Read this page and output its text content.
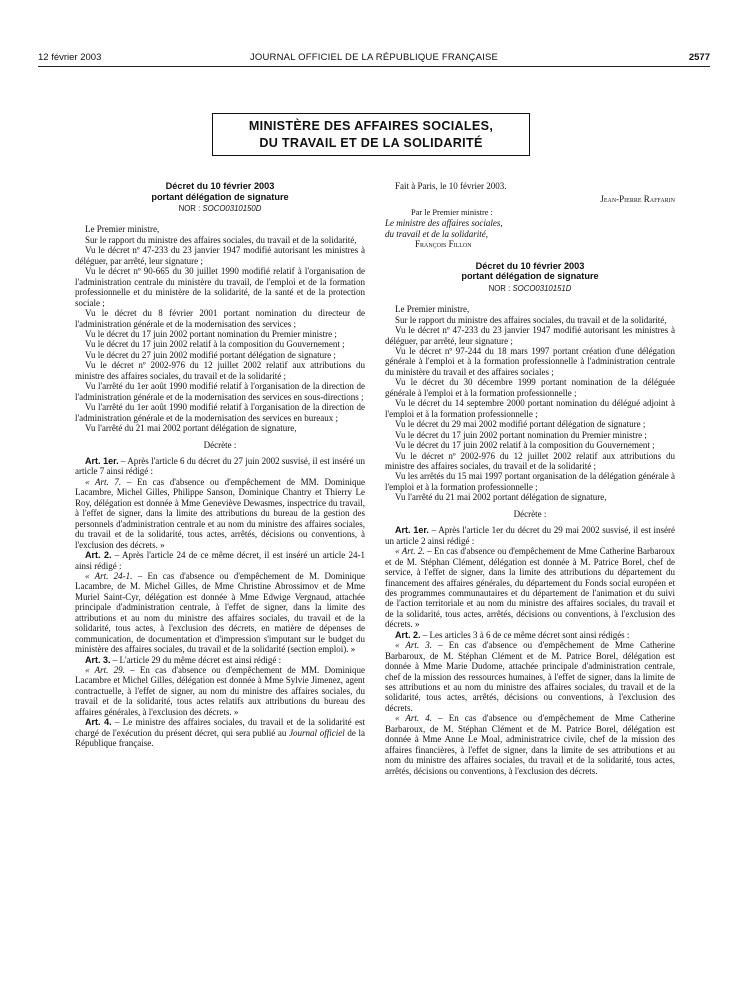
12 février 2003	JOURNAL OFFICIEL DE LA RÉPUBLIQUE FRANÇAISE	2577
MINISTÈRE DES AFFAIRES SOCIALES,
DU TRAVAIL ET DE LA SOLIDARITÉ
Décret du 10 février 2003
portant délégation de signature
NOR : SOCO0310150D

Le Premier ministre,

Sur le rapport du ministre des affaires sociales, du travail et de la solidarité,

Vu le décret nº 47-233 du 23 janvier 1947 modifié autorisant les ministres à déléguer, par arrêté, leur signature ;

Vu le décret nº 90-665 du 30 juillet 1990 modifié relatif à l'organisation de l'administration centrale du ministère du travail, de l'emploi et de la formation professionnelle et du ministère de la solidarité, de la santé et de la protection sociale ;

Vu le décret du 8 février 2001 portant nomination du directeur de l'administration générale et de la modernisation des services ;

Vu le décret du 17 juin 2002 portant nomination du Premier ministre ;

Vu le décret du 17 juin 2002 relatif à la composition du Gouvernement ;

Vu le décret du 27 juin 2002 modifié portant délégation de signature ;

Vu le décret nº 2002-976 du 12 juillet 2002 relatif aux attributions du ministre des affaires sociales, du travail et de la solidarité ;

Vu l'arrêté du 1er août 1990 modifié relatif à l'organisation de la direction de l'administration générale et de la modernisation des services en sous-directions ;

Vu l'arrêté du 1er août 1990 modifié relatif à l'organisation de la direction de l'administration générale et de la modernisation des services en bureaux ;

Vu l'arrêté du 21 mai 2002 portant délégation de signature,

Décrète :

Art. 1er. – Après l'article 6 du décret du 27 juin 2002 susvisé, il est inséré un article 7 ainsi rédigé :

« Art. 7. – En cas d'absence ou d'empêchement de MM. Dominique Lacambre, Michel Gilles, Philippe Sanson, Dominique Chantry et Thierry Le Roy, délégation est donnée à Mme Geneviève Dewasmes, inspectrice du travail, à l'effet de signer, dans la limite des attributions du bureau de la gestion des personnels d'administration centrale et au nom du ministre des affaires sociales, du travail et de la solidarité, tous actes, arrêtés, décisions ou conventions, à l'exclusion des décrets. »

Art. 2. – Après l'article 24 de ce même décret, il est inséré un article 24-1 ainsi rédigé :

« Art. 24-1. – En cas d'absence ou d'empêchement de M. Dominique Lacambre, de M. Michel Gilles, de Mme Christine Abrossimov et de Mme Muriel Saint-Cyr, délégation est donnée à Mme Edwige Vergnaud, attachée principale d'administration centrale, à l'effet de signer, dans la limite des attributions et au nom du ministre des affaires sociales, du travail et de la solidarité, tous actes, à l'exclusion des décrets, en matière de dépenses de communication, de documentation et d'impression s'imputant sur le budget du ministère des affaires sociales, du travail et de la solidarité (section emploi). »

Art. 3. – L'article 29 du même décret est ainsi rédigé :

« Art. 29. – En cas d'absence ou d'empêchement de MM. Dominique Lacambre et Michel Gilles, délégation est donnée à Mme Sylvie Jimenez, agent contractuelle, à l'effet de signer, au nom du ministre des affaires sociales, du travail et de la solidarité, tous actes relatifs aux attributions du bureau des affaires générales, à l'exclusion des décrets. »

Art. 4. – Le ministre des affaires sociales, du travail et de la solidarité est chargé de l'exécution du présent décret, qui sera publié au Journal officiel de la République française.

Fait à Paris, le 10 février 2003.

Jean-Pierre Raffarin

Par le Premier ministre :

Le ministre des affaires sociales,

du travail et de la solidarité,

François Fillon

Décret du 10 février 2003
portant délégation de signature
NOR : SOCO0310151D

Le Premier ministre,

Sur le rapport du ministre des affaires sociales, du travail et de la solidarité,

Vu le décret nº 47-233 du 23 janvier 1947 modifié autorisant les ministres à déléguer, par arrêté, leur signature ;

Vu le décret nº 97-244 du 18 mars 1997 portant création d'une délégation générale à l'emploi et à la formation professionnelle à l'administration centrale du ministère du travail et des affaires sociales ;

Vu le décret du 30 décembre 1999 portant nomination de la déléguée générale à l'emploi et à la formation professionnelle ;

Vu le décret du 14 septembre 2000 portant nomination du délégué adjoint à l'emploi et à la formation professionnelle ;

Vu le décret du 29 mai 2002 modifié portant délégation de signature ;

Vu le décret du 17 juin 2002 portant nomination du Premier ministre ;

Vu le décret du 17 juin 2002 relatif à la composition du Gouvernement ;

Vu le décret nº 2002-976 du 12 juillet 2002 relatif aux attributions du ministre des affaires sociales, du travail et de la solidarité ;

Vu les arrêtés du 15 mai 1997 portant organisation de la délégation générale à l'emploi et à la formation professionnelle ;

Vu l'arrêté du 21 mai 2002 portant délégation de signature,

Décrète :

Art. 1er. – Après l'article 1er du décret du 29 mai 2002 susvisé, il est inséré un article 2 ainsi rédigé :

« Art. 2. – En cas d'absence ou d'empêchement de Mme Catherine Barbaroux et de M. Stéphan Clément, délégation est donnée à M. Patrice Borel, chef de service, à l'effet de signer, dans la limite des attributions du département du financement des affaires générales, du département du Fonds social européen et des programmes communautaires et du département de l'animation et du suivi de l'action territoriale et au nom du ministre des affaires sociales, du travail et de la solidarité, tous actes, arrêtés, décisions ou conventions, à l'exclusion des décrets. »

Art. 2. – Les articles 3 à 6 de ce même décret sont ainsi rédigés :

« Art. 3. – En cas d'absence ou d'empêchement de Mme Catherine Barbaroux, de M. Stéphan Clément et de M. Patrice Borel, délégation est donnée à Mme Marie Dudome, attachée principale d'administration centrale, chef de la mission des ressources humaines, à l'effet de signer, dans la limite de ses attributions et au nom du ministre des affaires sociales, du travail et de la solidarité, tous actes, arrêtés, décisions ou conventions, à l'exclusion des décrets.

« Art. 4. – En cas d'absence ou d'empêchement de Mme Catherine Barbaroux, de M. Stéphan Clément et de M. Patrice Borel, délégation est donnée à Mme Anne Le Moal, administratrice civile, chef de la mission des affaires financières, à l'effet de signer, dans la limite de ses attributions et au nom du ministre des affaires sociales, du travail et de la solidarité, tous actes, arrêtés, décisions ou conventions, à l'exclusion des décrets.
